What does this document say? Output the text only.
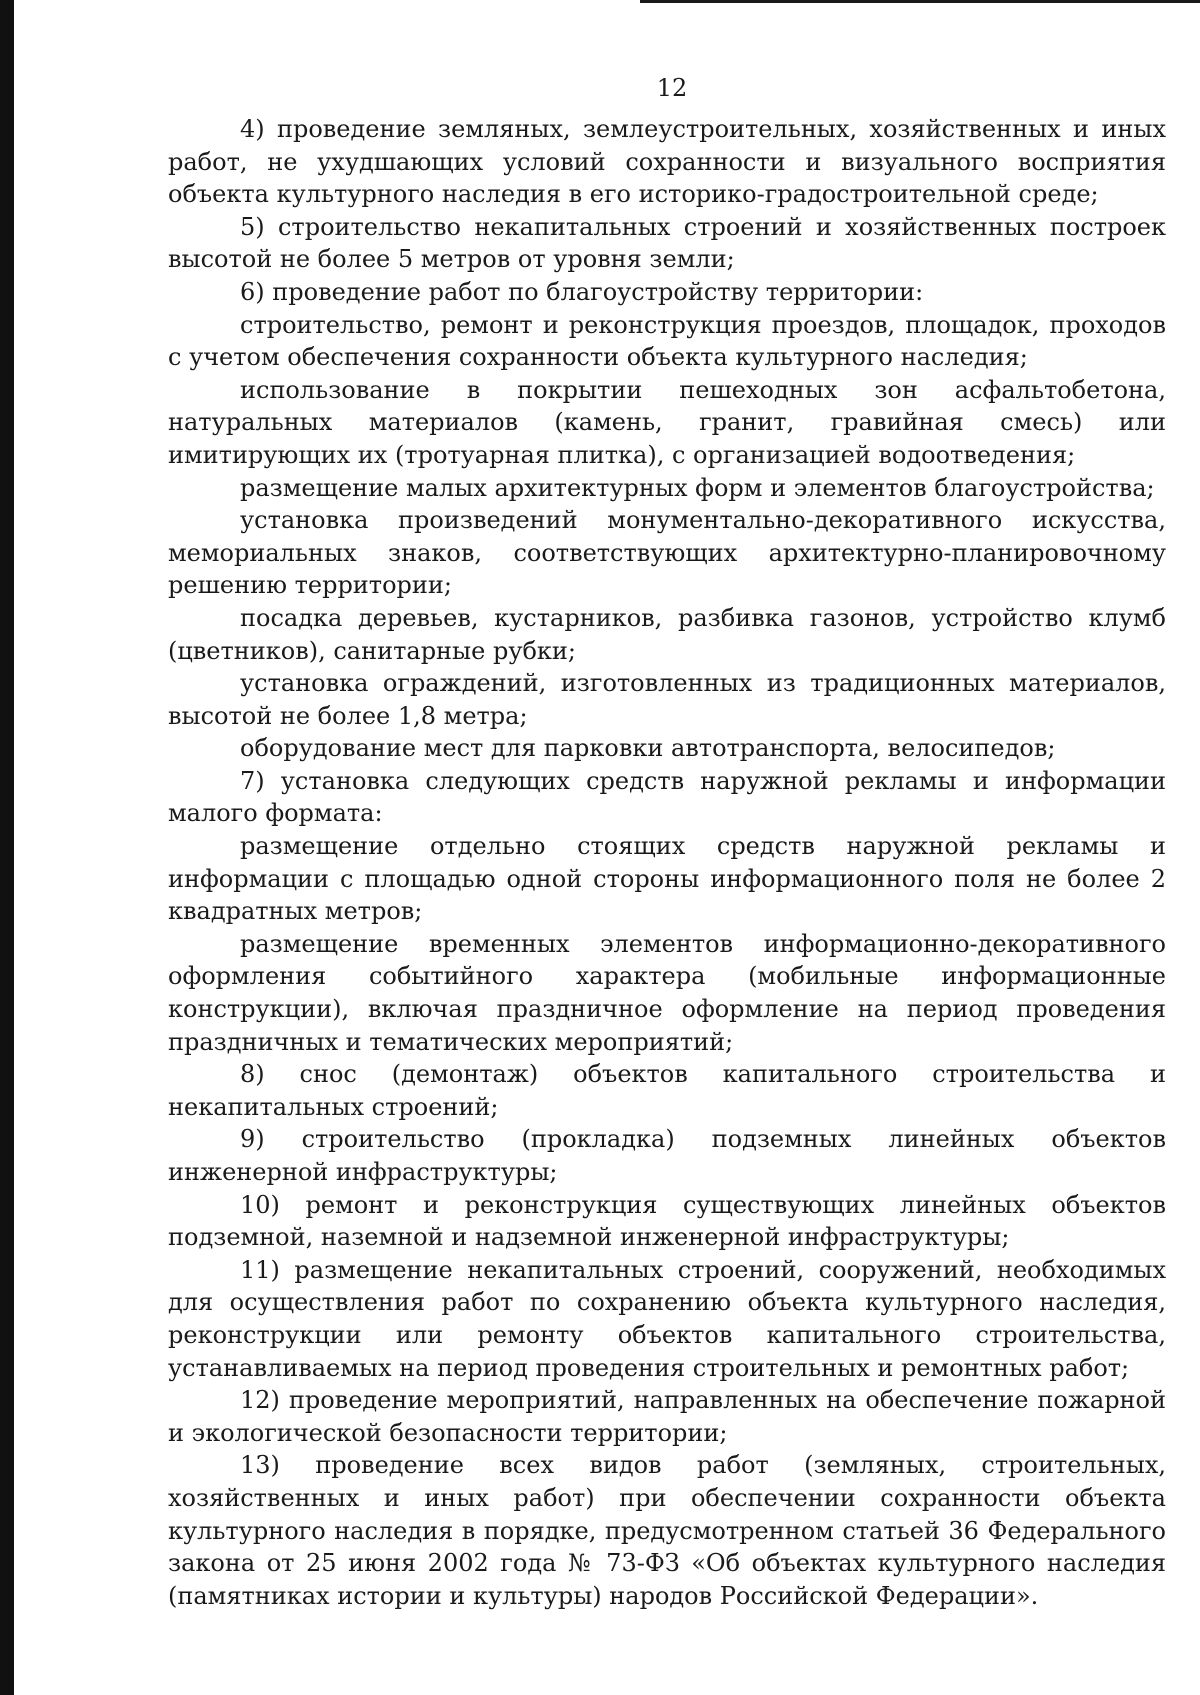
12

4) проведение земляных, землеустроительных, хозяйственных и иных работ, не ухудшающих условий сохранности и визуального восприятия объекта культурного наследия в его историко-градостроительной среде;

5) строительство некапитальных строений и хозяйственных построек высотой не более 5 метров от уровня земли;

6) проведение работ по благоустройству территории:

строительство, ремонт и реконструкция проездов, площадок, проходов с учетом обеспечения сохранности объекта культурного наследия;

использование в покрытии пешеходных зон асфальтобетона, натуральных материалов (камень, гранит, гравийная смесь) или имитирующих их (тротуарная плитка), с организацией водоотведения;

размещение малых архитектурных форм и элементов благоустройства;

установка произведений монументально-декоративного искусства, мемориальных знаков, соответствующих архитектурно-планировочному решению территории;

посадка деревьев, кустарников, разбивка газонов, устройство клумб (цветников), санитарные рубки;

установка ограждений, изготовленных из традиционных материалов, высотой не более 1,8 метра;

оборудование мест для парковки автотранспорта, велосипедов;

7) установка следующих средств наружной рекламы и информации малого формата:

размещение отдельно стоящих средств наружной рекламы и информации с площадью одной стороны информационного поля не более 2 квадратных метров;

размещение временных элементов информационно-декоративного оформления событийного характера (мобильные информационные конструкции), включая праздничное оформление на период проведения праздничных и тематических мероприятий;

8) снос (демонтаж) объектов капитального строительства и некапитальных строений;

9) строительство (прокладка) подземных линейных объектов инженерной инфраструктуры;

10) ремонт и реконструкция существующих линейных объектов подземной, наземной и надземной инженерной инфраструктуры;

11) размещение некапитальных строений, сооружений, необходимых для осуществления работ по сохранению объекта культурного наследия, реконструкции или ремонту объектов капитального строительства, устанавливаемых на период проведения строительных и ремонтных работ;

12) проведение мероприятий, направленных на обеспечение пожарной и экологической безопасности территории;

13) проведение всех видов работ (земляных, строительных, хозяйственных и иных работ) при обеспечении сохранности объекта культурного наследия в порядке, предусмотренном статьей 36 Федерального закона от 25 июня 2002 года № 73-ФЗ «Об объектах культурного наследия (памятниках истории и культуры) народов Российской Федерации».
